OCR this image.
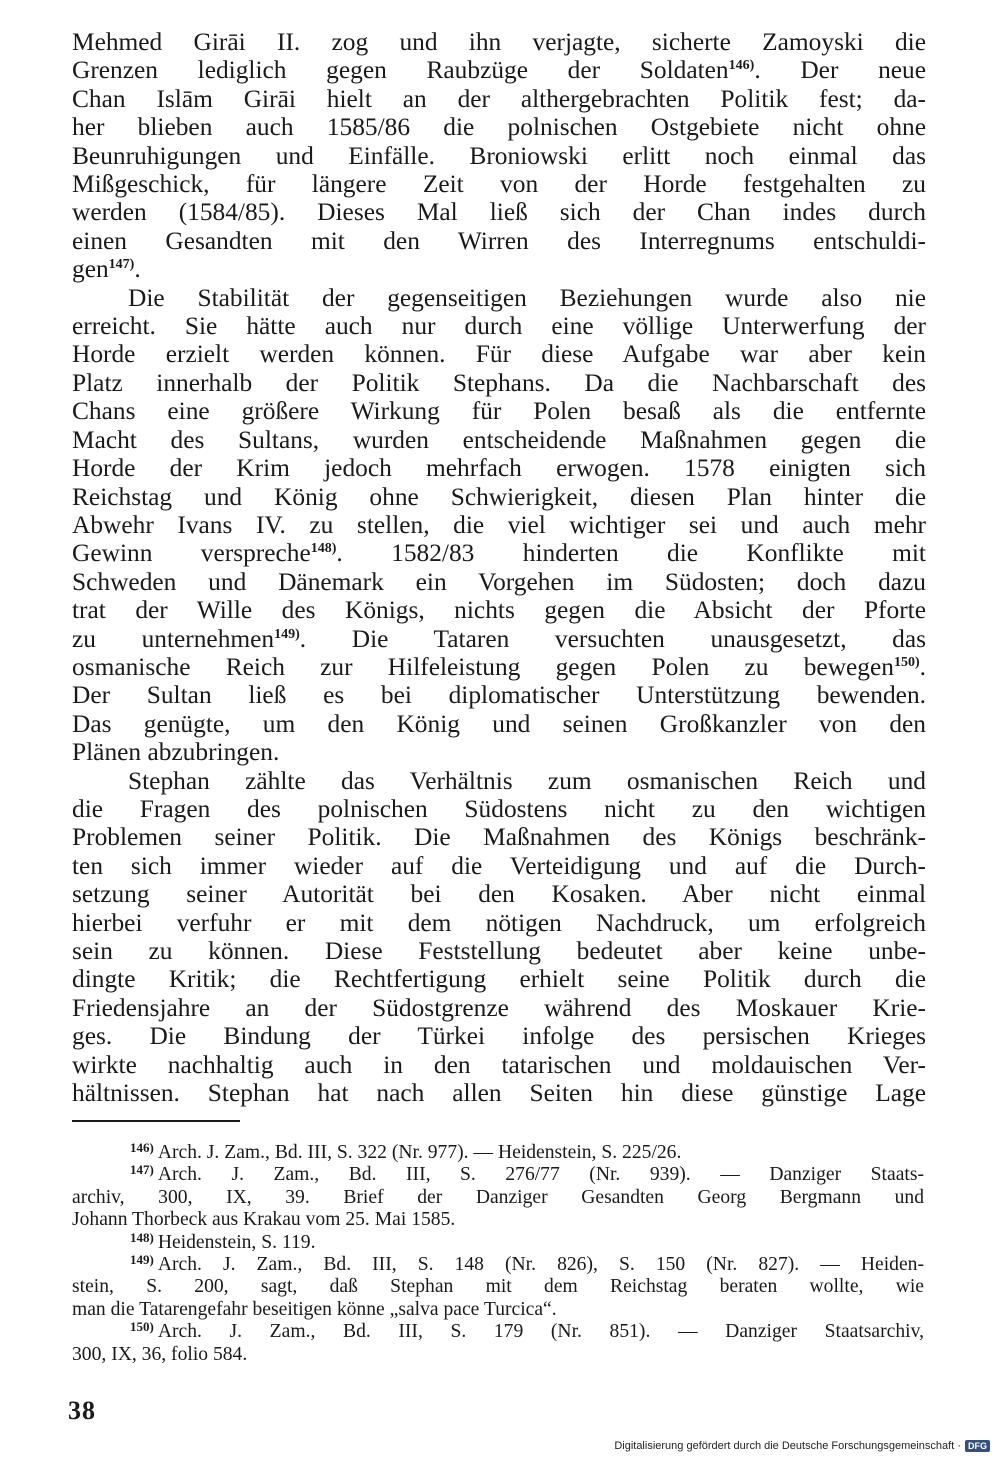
Mehmed Girāi II. zog und ihn verjagte, sicherte Zamoyski die
Grenzen lediglich gegen Raubzüge der Soldaten$^{146)}$. Der neue
Chan Islām Girāi hielt an der althergebrachten Politik fest; da-
her blieben auch 1585/86 die polnischen Ostgebiete nicht ohne
Beunruhigungen und Einfälle. Broniowski erlitt noch einmal das
Mißgeschick, für längere Zeit von der Horde festgehalten zu
werden (1584/85). Dieses Mal ließ sich der Chan indes durch
einen Gesandten mit den Wirren des Interregnums entschuldi-
gen$^{147)}$.
Die Stabilität der gegenseitigen Beziehungen wurde also nie
erreicht. Sie hätte auch nur durch eine völlige Unterwerfung der
Horde erzielt werden können. Für diese Aufgabe war aber kein
Platz innerhalb der Politik Stephans. Da die Nachbarschaft des
Chans eine größere Wirkung für Polen besaß als die entfernte
Macht des Sultans, wurden entscheidende Maßnahmen gegen die
Horde der Krim jedoch mehrfach erwogen. 1578 einigten sich
Reichstag und König ohne Schwierigkeit, diesen Plan hinter die
Abwehr Ivans IV. zu stellen, die viel wichtiger sei und auch mehr
Gewinn verspreche$^{148)}$. 1582/83 hinderten die Konflikte mit
Schweden und Dänemark ein Vorgehen im Südosten; doch dazu
trat der Wille des Königs, nichts gegen die Absicht der Pforte
zu unternehmen$^{149)}$. Die Tataren versuchten unausgesetzt, das
osmanische Reich zur Hilfeleistung gegen Polen zu bewegen$^{150)}$.
Der Sultan ließ es bei diplomatischer Unterstützung bewenden.
Das genügte, um den König und seinen Großkanzler von den
Plänen abzubringen.
Stephan zählte das Verhältnis zum osmanischen Reich und
die Fragen des polnischen Südostens nicht zu den wichtigen
Problemen seiner Politik. Die Maßnahmen des Königs beschränk-
ten sich immer wieder auf die Verteidigung und auf die Durch-
setzung seiner Autorität bei den Kosaken. Aber nicht einmal
hierbei verfuhr er mit dem nötigen Nachdruck, um erfolgreich
sein zu können. Diese Feststellung bedeutet aber keine unbe-
dingte Kritik; die Rechtfertigung erhielt seine Politik durch die
Friedensjahre an der Südostgrenze während des Moskauer Krie-
ges. Die Bindung der Türkei infolge des persischen Krieges
wirkte nachhaltig auch in den tatarischen und moldauischen Ver-
hältnissen. Stephan hat nach allen Seiten hin diese günstige Lage
$^{146)}$ Arch. J. Zam., Bd. III, S. 322 (Nr. 977). — Heidenstein, S. 225/26.
$^{147)}$ Arch. J. Zam., Bd. III, S. 276/77 (Nr. 939). — Danziger Staats-
archiv, 300, IX, 39. Brief der Danziger Gesandten Georg Bergmann und
Johann Thorbeck aus Krakau vom 25. Mai 1585.
$^{148)}$ Heidenstein, S. 119.
$^{149)}$ Arch. J. Zam., Bd. III, S. 148 (Nr. 826), S. 150 (Nr. 827). — Heiden-
stein, S. 200, sagt, daß Stephan mit dem Reichstag beraten wollte, wie
man die Tatarengefahr beseitigen könne „salva pace Turcica“.
$^{150)}$ Arch. J. Zam., Bd. III, S. 179 (Nr. 851). — Danziger Staatsarchiv,
300, IX, 36, folio 584.
38
Digitalisierung gefördert durch die Deutsche Forschungsgemeinschaft · DFG
